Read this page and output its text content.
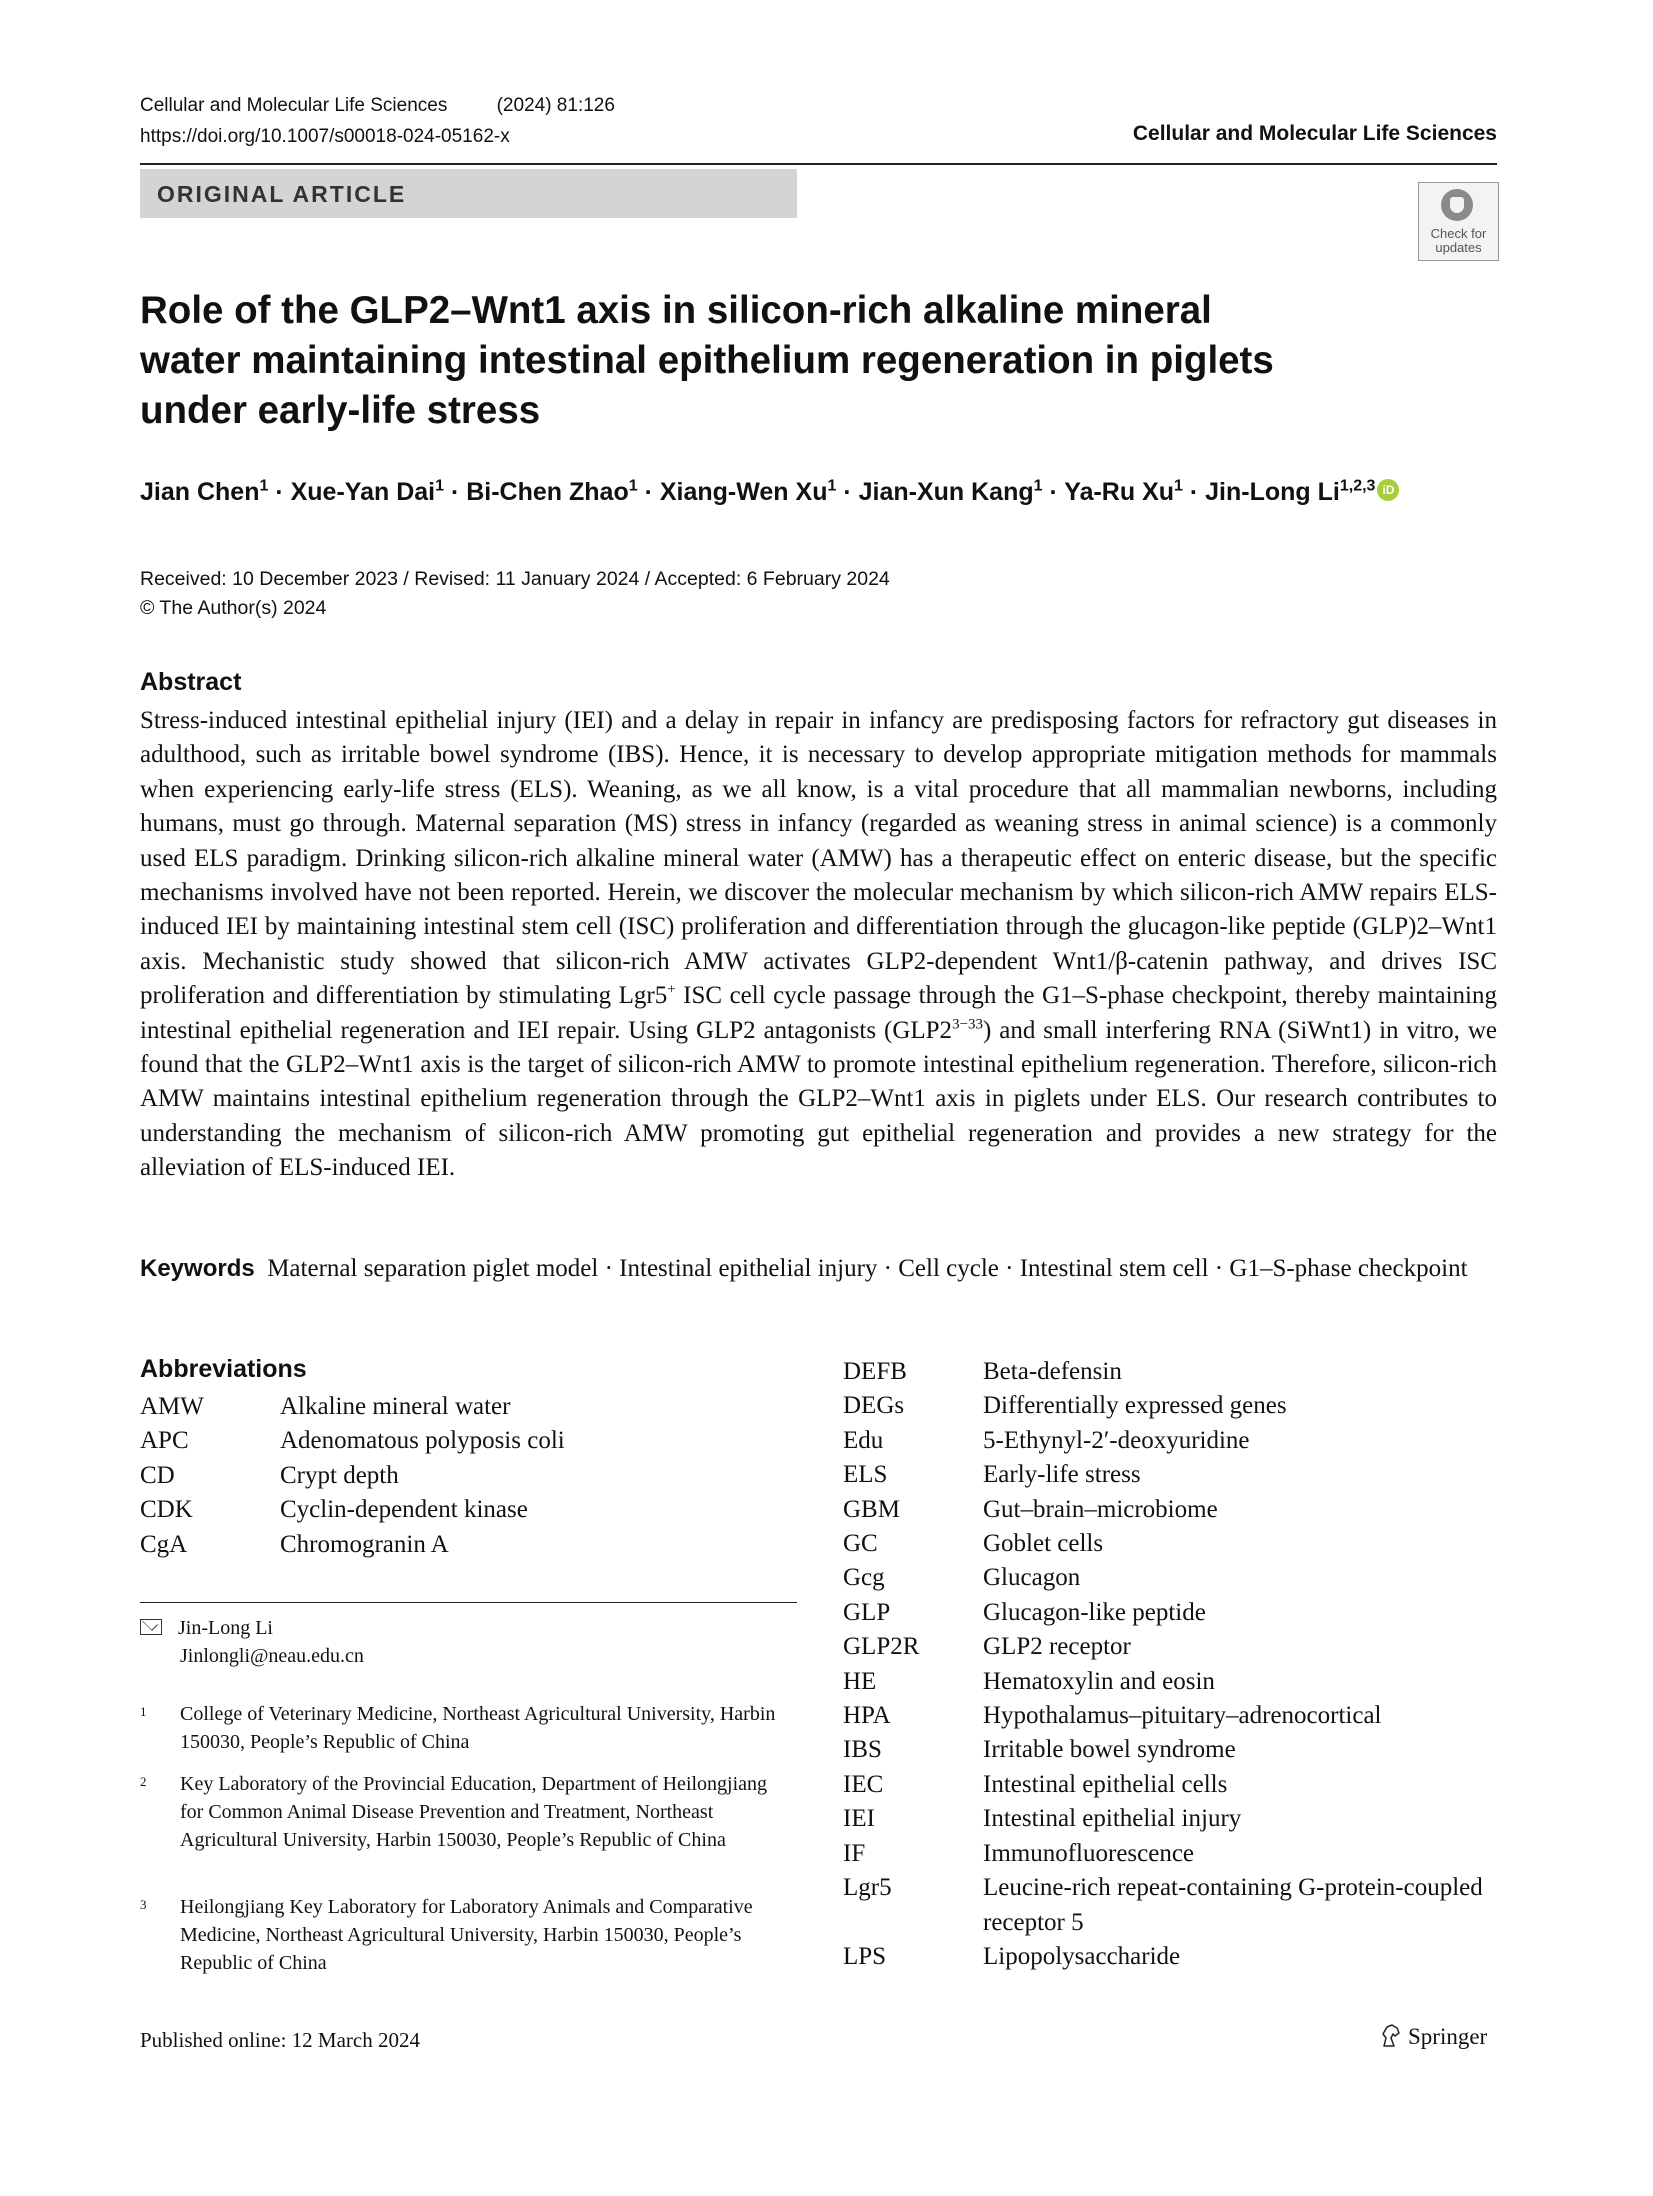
Cellular and Molecular Life Sciences	(2024) 81:126
https://doi.org/10.1007/s00018-024-05162-x	Cellular and Molecular Life Sciences
ORIGINAL ARTICLE
Check for updates
Role of the GLP2–Wnt1 axis in silicon-rich alkaline mineral water maintaining intestinal epithelium regeneration in piglets under early-life stress
Jian Chen$^1$ · Xue-Yan Dai$^1$ · Bi-Chen Zhao$^1$ · Xiang-Wen $Xu^1$ · Jian-Xun Kang$^1$ · Ya-Ru $Xu^1$ · Jin-Long Li$^{1,2,3}$ iD
Received: 10 December 2023 / Revised: 11 January 2024 / Accepted: 6 February 2024
© The Author(s) 2024
Abstract
Stress-induced intestinal epithelial injury (IEI) and a delay in repair in infancy are predisposing factors for refractory gut diseases in adulthood, such as irritable bowel syndrome (IBS). Hence, it is necessary to develop appropriate mitigation methods for mammals when experiencing early-life stress (ELS). Weaning, as we all know, is a vital procedure that all mammalian newborns, including humans, must go through. Maternal separation (MS) stress in infancy (regarded as weaning stress in animal science) is a commonly used ELS paradigm. Drinking silicon-rich alkaline mineral water (AMW) has a therapeutic effect on enteric disease, but the specific mechanisms involved have not been reported. Herein, we discover the molecular mechanism by which silicon-rich AMW repairs ELS-induced IEI by maintaining intestinal stem cell (ISC) proliferation and differentiation through the glucagon-like peptide (GLP)2–Wnt1 axis. Mechanistic study showed that silicon-rich AMW activates GLP2-dependent Wnt1/β-catenin pathway, and drives ISC proliferation and differentiation by stimulating Lgr5+ ISC cell cycle passage through the G1–S-phase checkpoint, thereby maintaining intestinal epithelial regeneration and IEI repair. Using GLP2 antagonists $(GLP2^{3-33})$ and small interfering RNA (SiWnt1) in vitro, we found that the GLP2–Wnt1 axis is the target of silicon-rich AMW to promote intestinal epithelium regeneration. Therefore, silicon-rich AMW maintains intestinal epithelium regeneration through the GLP2–Wnt1 axis in piglets under ELS. Our research contributes to understanding the mechanism of silicon-rich AMW promoting gut epithelial regeneration and provides a new strategy for the alleviation of ELS-induced IEI.
Keywords Maternal separation piglet model · Intestinal epithelial injury · Cell cycle · Intestinal stem cell · G1–S-phase checkpoint
Abbreviations
AMW	Alkaline mineral water
APC	Adenomatous polyposis coli
CD	Crypt depth
CDK	Cyclin-dependent kinase
CgA	Chromogranin A
DEFB	Beta-defensin
DEGs	Differentially expressed genes
Edu	5-Ethynyl-2′-deoxyuridine
ELS	Early-life stress
GBM	Gut–brain–microbiome
GC	Goblet cells
Gcg	Glucagon
GLP	Glucagon-like peptide
GLP2R	GLP2 receptor
HE	Hematoxylin and eosin
HPA	Hypothalamus–pituitary–adrenocortical
IBS	Irritable bowel syndrome
IEC	Intestinal epithelial cells
IEI	Intestinal epithelial injury
IF	Immunofluorescence
Lgr5	Leucine-rich repeat-containing G-protein-coupled receptor 5
LPS	Lipopolysaccharide
Jin-Long Li
Jinlongli@neau.edu.cn
1 College of Veterinary Medicine, Northeast Agricultural University, Harbin 150030, People’s Republic of China
2 Key Laboratory of the Provincial Education, Department of Heilongjiang for Common Animal Disease Prevention and Treatment, Northeast Agricultural University, Harbin 150030, People’s Republic of China
3 Heilongjiang Key Laboratory for Laboratory Animals and Comparative Medicine, Northeast Agricultural University, Harbin 150030, People’s Republic of China
Published online: 12 March 2024	Springer
